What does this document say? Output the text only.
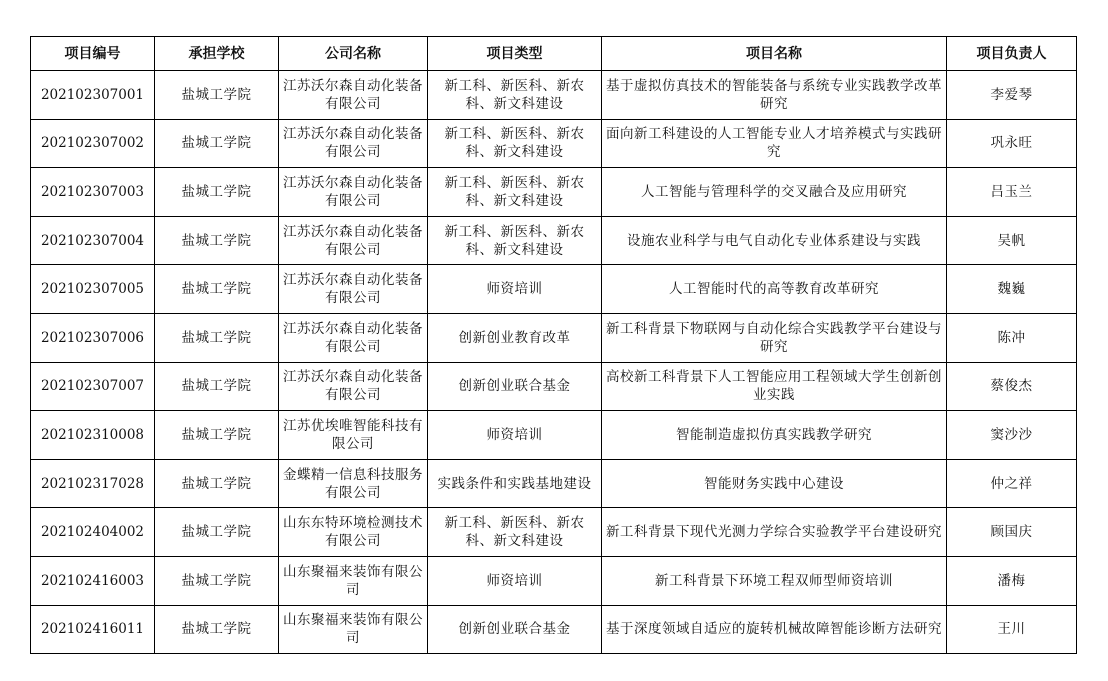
项目编号	承担学校	公司名称	项目类型	项目名称	项目负责人
202102307001	盐城工学院	江苏沃尔森自动化装备有限公司	新工科、新医科、新农科、新文科建设	基于虚拟仿真技术的智能装备与系统专业实践教学改革研究	李爱琴
202102307002	盐城工学院	江苏沃尔森自动化装备有限公司	新工科、新医科、新农科、新文科建设	面向新工科建设的人工智能专业人才培养模式与实践研究	巩永旺
202102307003	盐城工学院	江苏沃尔森自动化装备有限公司	新工科、新医科、新农科、新文科建设	人工智能与管理科学的交叉融合及应用研究	吕玉兰
202102307004	盐城工学院	江苏沃尔森自动化装备有限公司	新工科、新医科、新农科、新文科建设	设施农业科学与电气自动化专业体系建设与实践	吴帆
202102307005	盐城工学院	江苏沃尔森自动化装备有限公司	师资培训	人工智能时代的高等教育改革研究	魏巍
202102307006	盐城工学院	江苏沃尔森自动化装备有限公司	创新创业教育改革	新工科背景下物联网与自动化综合实践教学平台建设与研究	陈冲
202102307007	盐城工学院	江苏沃尔森自动化装备有限公司	创新创业联合基金	高校新工科背景下人工智能应用工程领域大学生创新创业实践	蔡俊杰
202102310008	盐城工学院	江苏优埃唯智能科技有限公司	师资培训	智能制造虚拟仿真实践教学研究	窦沙沙
202102317028	盐城工学院	金蝶精一信息科技服务有限公司	实践条件和实践基地建设	智能财务实践中心建设	仲之祥
202102404002	盐城工学院	山东东特环境检测技术有限公司	新工科、新医科、新农科、新文科建设	新工科背景下现代光测力学综合实验教学平台建设研究	顾国庆
202102416003	盐城工学院	山东聚福来装饰有限公司	师资培训	新工科背景下环境工程双师型师资培训	潘梅
202102416011	盐城工学院	山东聚福来装饰有限公司	创新创业联合基金	基于深度领域自适应的旋转机械故障智能诊断方法研究	王川
